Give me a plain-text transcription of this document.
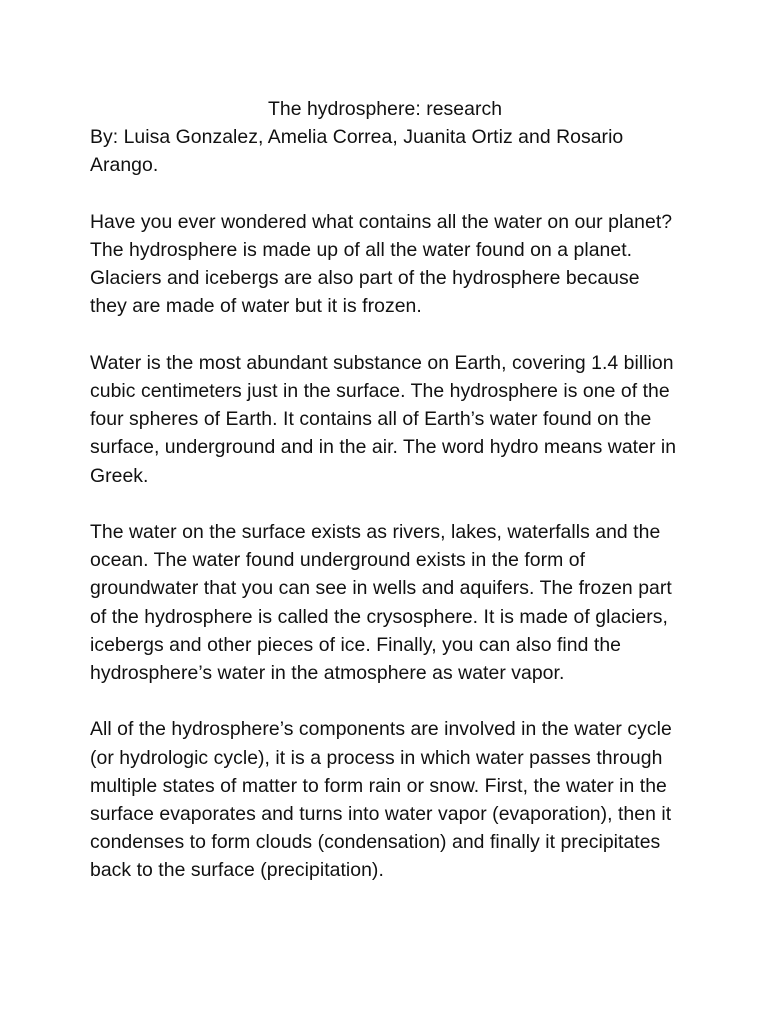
The hydrosphere: research

By: Luisa Gonzalez, Amelia Correa, Juanita Ortiz and Rosario Arango.

Have you ever wondered what contains all the water on our planet? The hydrosphere is made up of all the water found on a planet. Glaciers and icebergs are also part of the hydrosphere because they are made of water but it is frozen.

Water is the most abundant substance on Earth, covering 1.4 billion cubic centimeters just in the surface. The hydrosphere is one of the four spheres of Earth. It contains all of Earth’s water found on the surface, underground and in the air. The word hydro means water in Greek.

The water on the surface exists as rivers, lakes, waterfalls and the ocean. The water found underground exists in the form of groundwater that you can see in wells and aquifers. The frozen part of the hydrosphere is called the crysosphere. It is made of glaciers, icebergs and other pieces of ice. Finally, you can also find the hydrosphere’s water in the atmosphere as water vapor.

All of the hydrosphere’s components are involved in the water cycle (or hydrologic cycle), it is a process in which water passes through multiple states of matter to form rain or snow. First, the water in the surface evaporates and turns into water vapor (evaporation), then it condenses to form clouds (condensation) and finally it precipitates back to the surface (precipitation).
